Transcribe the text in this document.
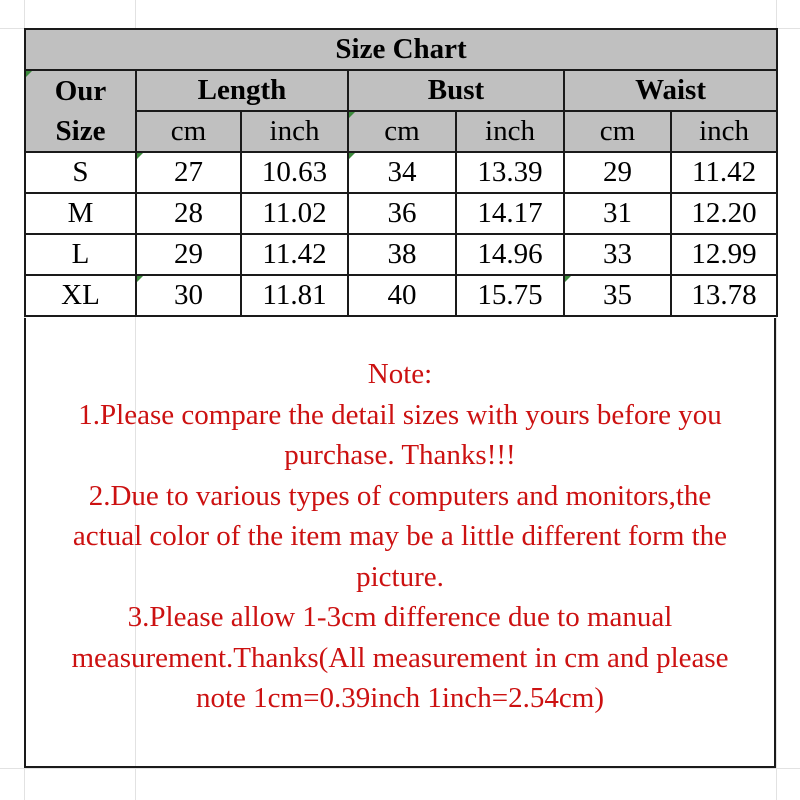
Size Chart						
Our
Size	Length		Bust		Waist	
	cm	inch	cm	inch	cm	inch
S	27	10.63	34	13.39	29	11.42
M	28	11.02	36	14.17	31	12.20
L	29	11.42	38	14.96	33	12.99
XL	30	11.81	40	15.75	35	13.78
Note:
1.Please compare the detail sizes with yours before you
purchase. Thanks!!!
2.Due to various types of computers and monitors,the
actual color of the item may be a little different form the
picture.
3.Please allow 1-3cm difference due to manual
measurement.Thanks(All measurement in cm and please
note 1cm=0.39inch 1inch=2.54cm)
